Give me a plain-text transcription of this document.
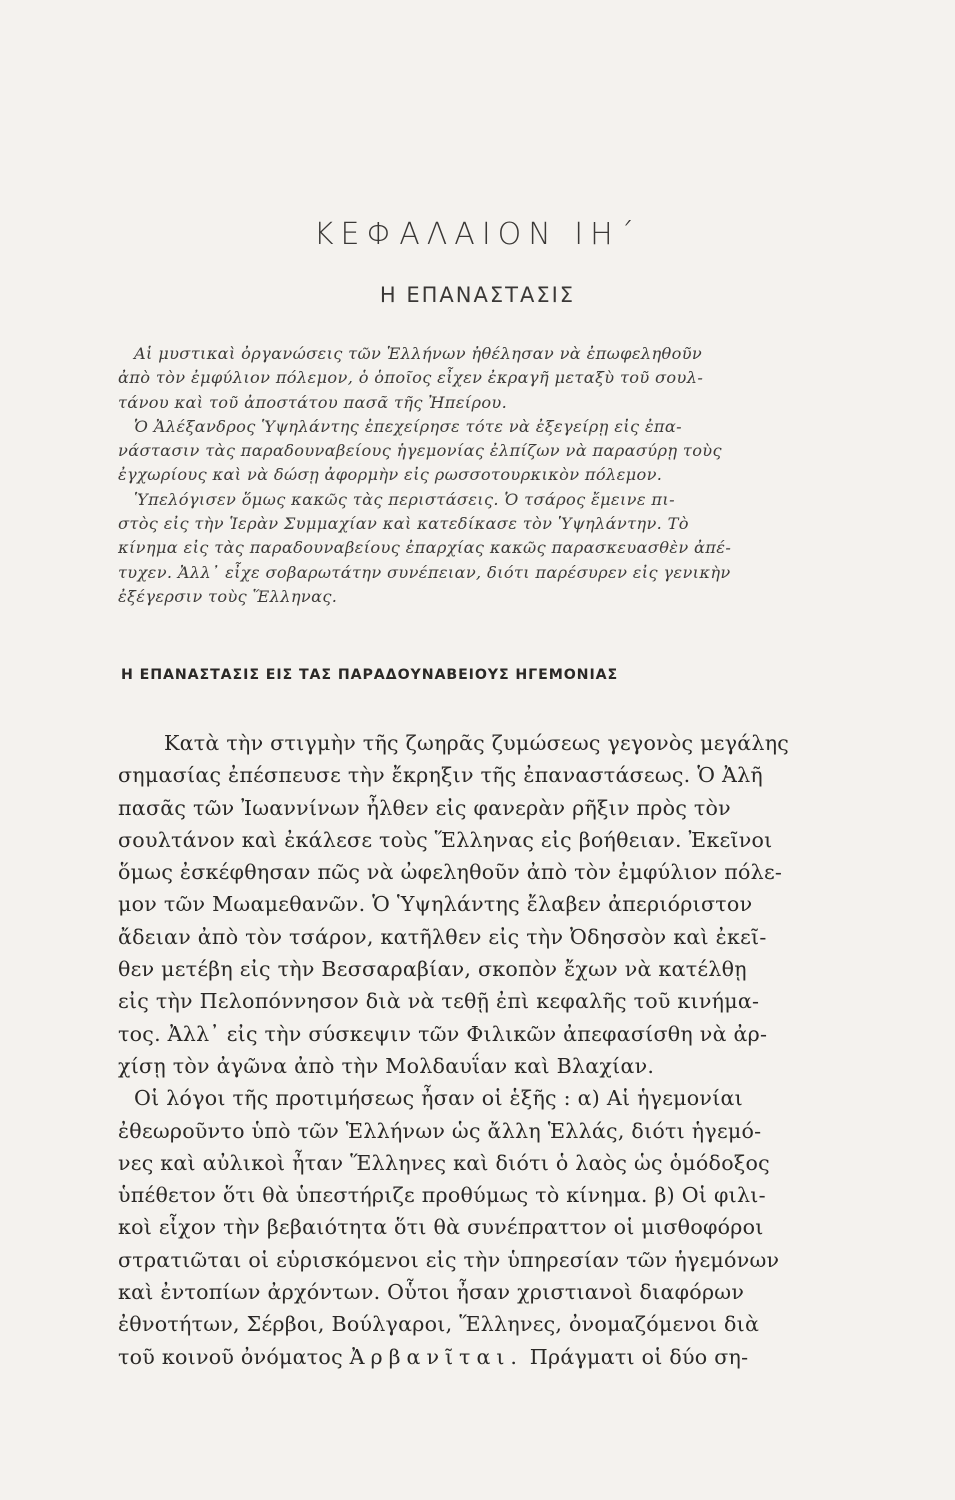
ΚΕΦΑΛΑΙΟΝ ΙΗ΄
Η ΕΠΑΝΑΣΤΑΣΙΣ
Αἱ μυστικαὶ ὀργανώσεις τῶν Ἑλλήνων ἠθέλησαν νὰ ἐπωφεληθοῦν
ἀπὸ τὸν ἐμφύλιον πόλεμον, ὁ ὁποῖος εἶχεν ἐκραγῆ μεταξὺ τοῦ σουλ-
τάνου καὶ τοῦ ἀποστάτου πασᾶ τῆς Ἠπείρου.
Ὁ Ἀλέξανδρος Ὑψηλάντης ἐπεχείρησε τότε νὰ ἐξεγείρῃ εἰς ἐπα-
νάστασιν τὰς παραδουναβείους ἡγεμονίας ἐλπίζων νὰ παρασύρῃ τοὺς
ἐγχωρίους καὶ νὰ δώσῃ ἀφορμὴν εἰς ρωσσοτουρκικὸν πόλεμον.
Ὑπελόγισεν ὅμως κακῶς τὰς περιστάσεις. Ὁ τσάρος ἔμεινε πι-
στὸς εἰς τὴν Ἱερὰν Συμμαχίαν καὶ κατεδίκασε τὸν Ὑψηλάντην. Τὸ
κίνημα εἰς τὰς παραδουναβείους ἐπαρχίας κακῶς παρασκευασθὲν ἀπέ-
τυχεν. Ἀλλ᾿ εἶχε σοβαρωτάτην συνέπειαν, διότι παρέσυρεν εἰς γενικὴν
ἐξέγερσιν τοὺς Ἕλληνας.
Η ΕΠΑΝΑΣΤΑΣΙΣ ΕΙΣ ΤΑΣ ΠΑΡΑΔΟΥΝΑΒΕΙΟΥΣ ΗΓΕΜΟΝΙΑΣ
Κατὰ τὴν στιγμὴν τῆς ζωηρᾶς ζυμώσεως γεγονὸς μεγάλης
σημασίας ἐπέσπευσε τὴν ἔκρηξιν τῆς ἐπαναστάσεως. Ὁ Ἀλῆ
πασᾶς τῶν Ἰωαννίνων ἦλθεν εἰς φανερὰν ρῆξιν πρὸς τὸν
σουλτάνον καὶ ἐκάλεσε τοὺς Ἕλληνας εἰς βοήθειαν. Ἐκεῖνοι
ὅμως ἐσκέφθησαν πῶς νὰ ὠφεληθοῦν ἀπὸ τὸν ἐμφύλιον πόλε-
μον τῶν Μωαμεθανῶν. Ὁ Ὑψηλάντης ἔλαβεν ἀπεριόριστον
ἄδειαν ἀπὸ τὸν τσάρον, κατῆλθεν εἰς τὴν Ὀδησσὸν καὶ ἐκεῖ-
θεν μετέβη εἰς τὴν Βεσσαραβίαν, σκοπὸν ἔχων νὰ κατέλθῃ
εἰς τὴν Πελοπόννησον διὰ νὰ τεθῇ ἐπὶ κεφαλῆς τοῦ κινήμα-
τος. Ἀλλ᾿ εἰς τὴν σύσκεψιν τῶν Φιλικῶν ἀπεφασίσθη νὰ ἀρ-
χίσῃ τὸν ἀγῶνα ἀπὸ τὴν Μολδαυΐαν καὶ Βλαχίαν.
Οἱ λόγοι τῆς προτιμήσεως ἦσαν οἱ ἑξῆς : α) Αἱ ἡγεμονίαι
ἐθεωροῦντο ὑπὸ τῶν Ἑλλήνων ὡς ἄλλη Ἑλλάς, διότι ἡγεμό-
νες καὶ αὐλικοὶ ἦταν Ἕλληνες καὶ διότι ὁ λαὸς ὡς ὁμόδοξος
ὑπέθετον ὅτι θὰ ὑπεστήριζε προθύμως τὸ κίνημα. β) Οἱ φιλι-
κοὶ εἶχον τὴν βεβαιότητα ὅτι θὰ συνέπραττον οἱ μισθοφόροι
στρατιῶται οἱ εὑρισκόμενοι εἰς τὴν ὑπηρεσίαν τῶν ἡγεμόνων
καὶ ἐντοπίων ἀρχόντων. Οὗτοι ἦσαν χριστιανοὶ διαφόρων
ἐθνοτήτων, Σέρβοι, Βούλγαροι, Ἕλληνες, ὀνομαζόμενοι διὰ
τοῦ κοινοῦ ὀνόματος Ἀρβανῖται. Πράγματι οἱ δύο ση-
